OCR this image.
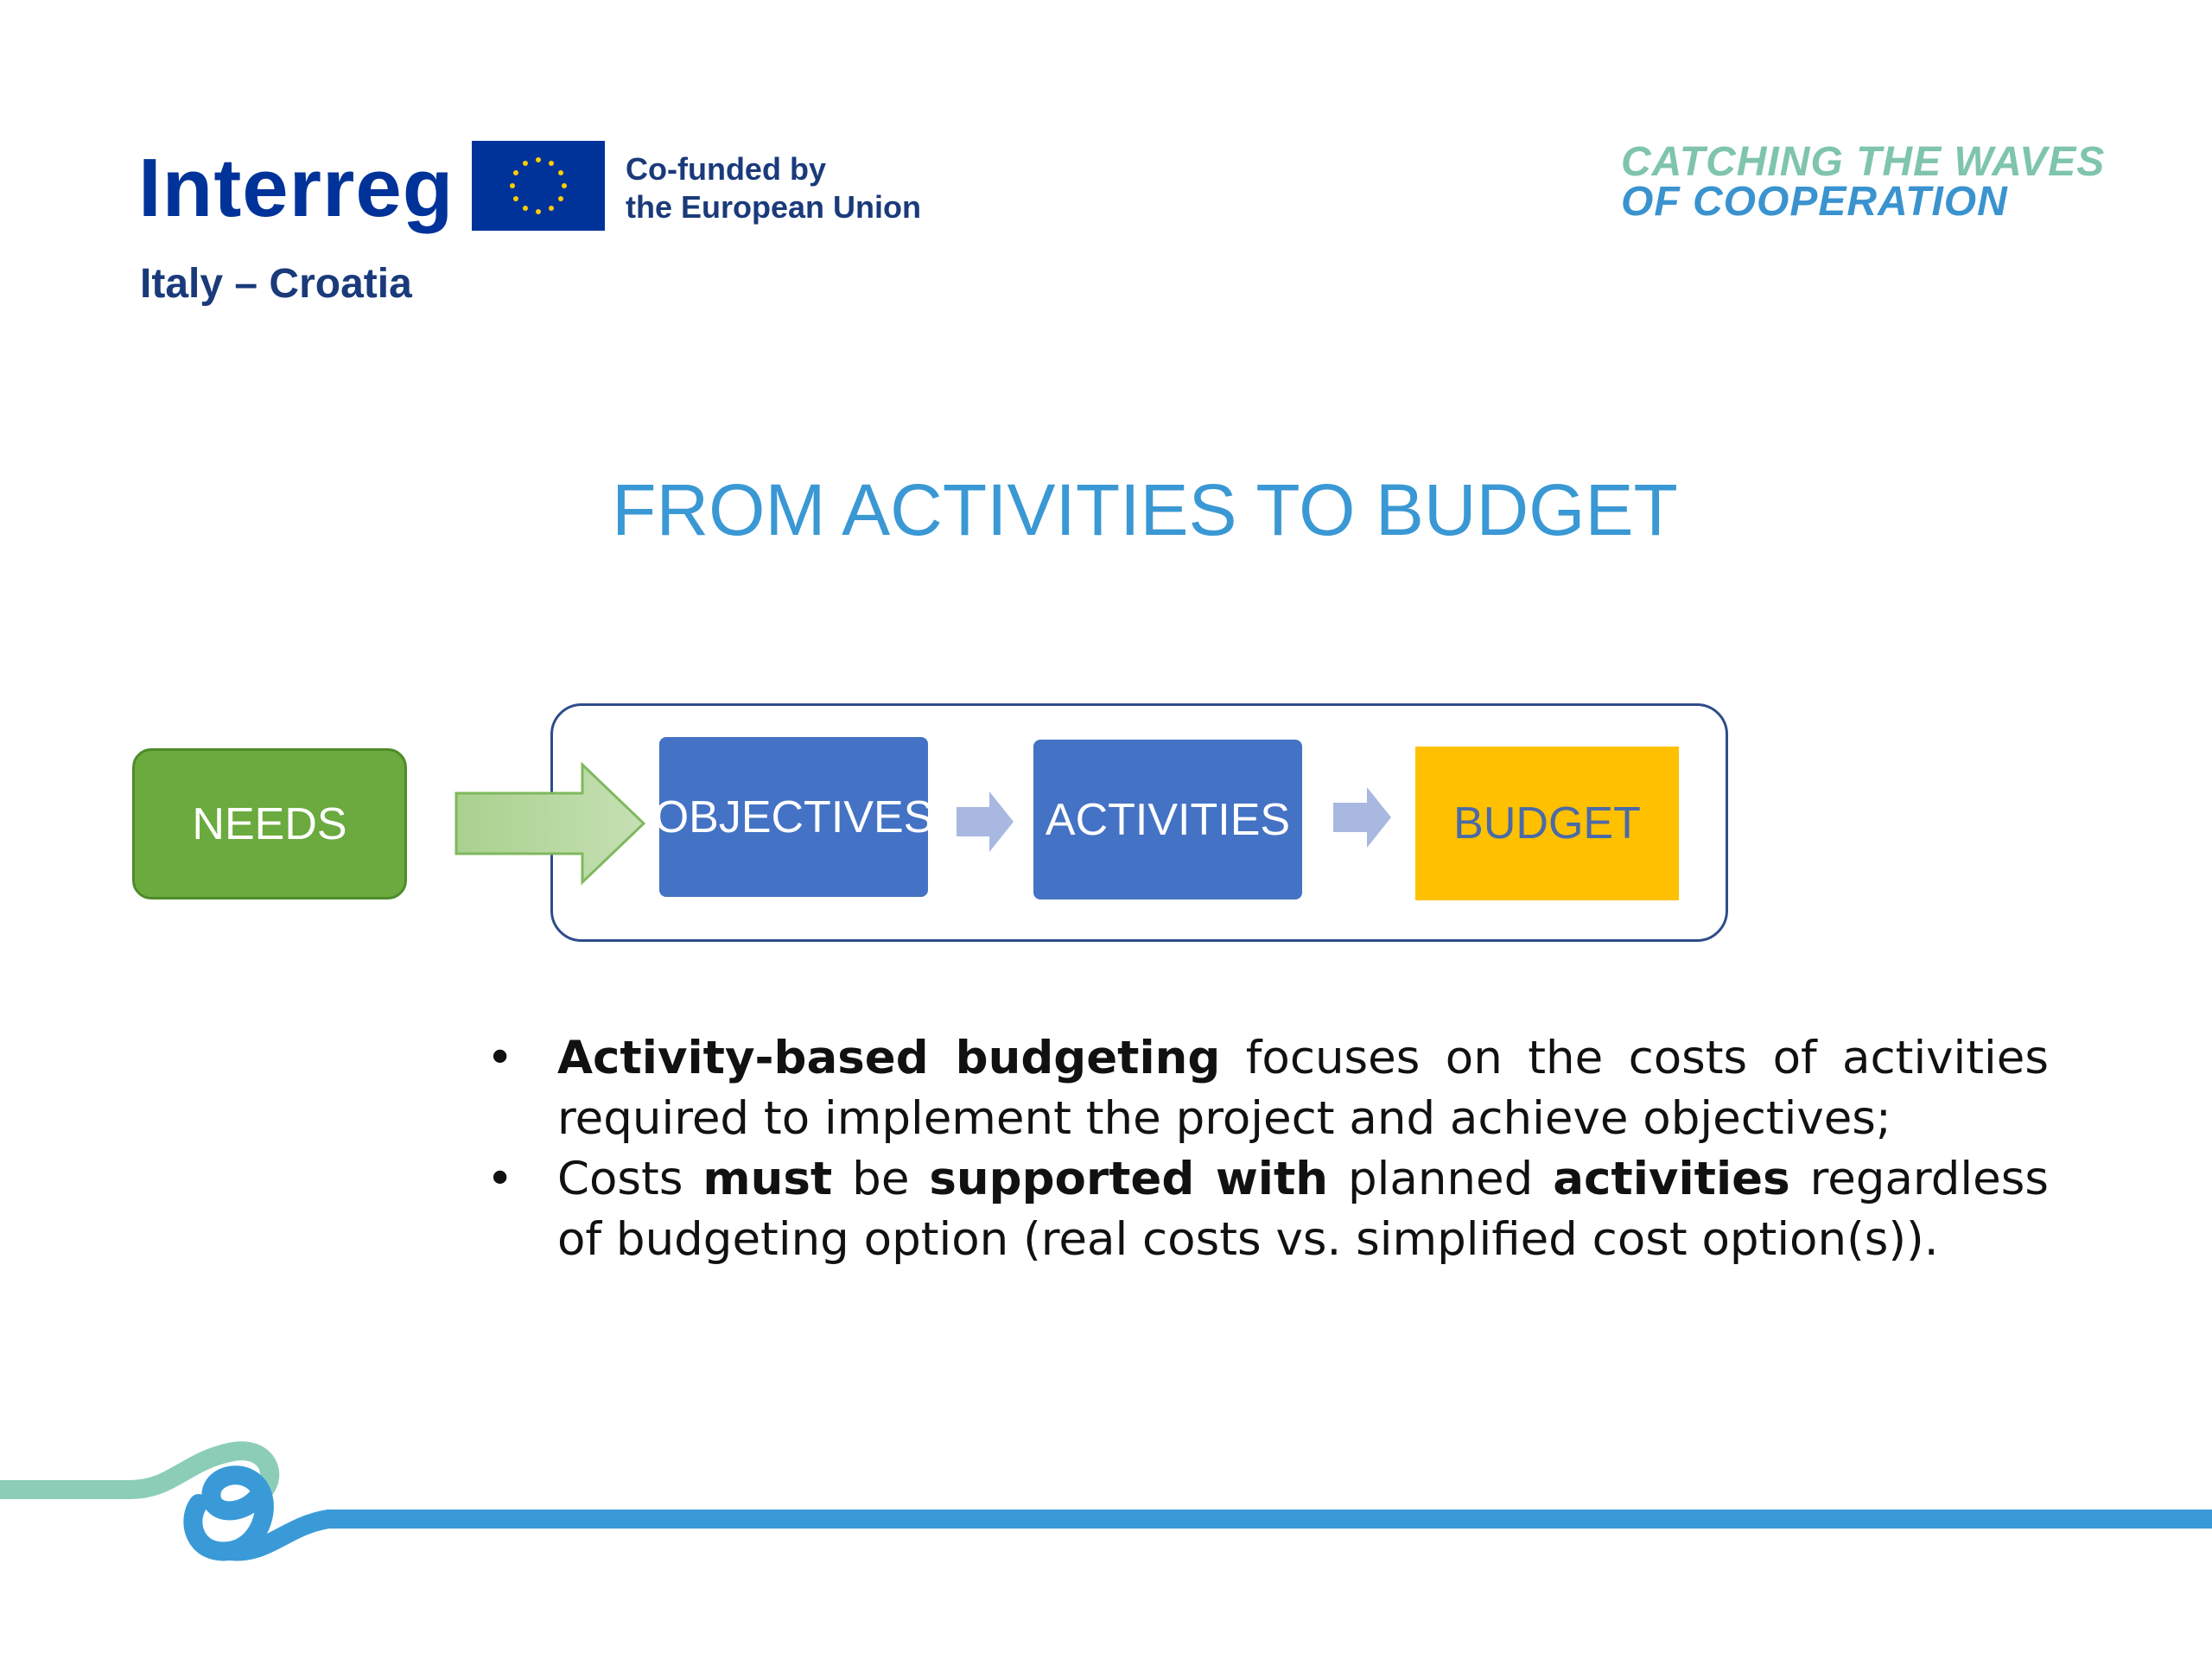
Interreg
Italy – Croatia
Co-funded by
the European Union
CATCHING THE WAVES
OF COOPERATION
FROM ACTIVITIES TO BUDGET
NEEDS	OBJECTIVES ACTIVITIES	BUDGET
• Activity-based budgeting focuses on the costs of activities required to implement the project and achieve objectives;
• Costs must be supported with planned activities regardless of budgeting option (real costs vs. simplified cost option(s)).
